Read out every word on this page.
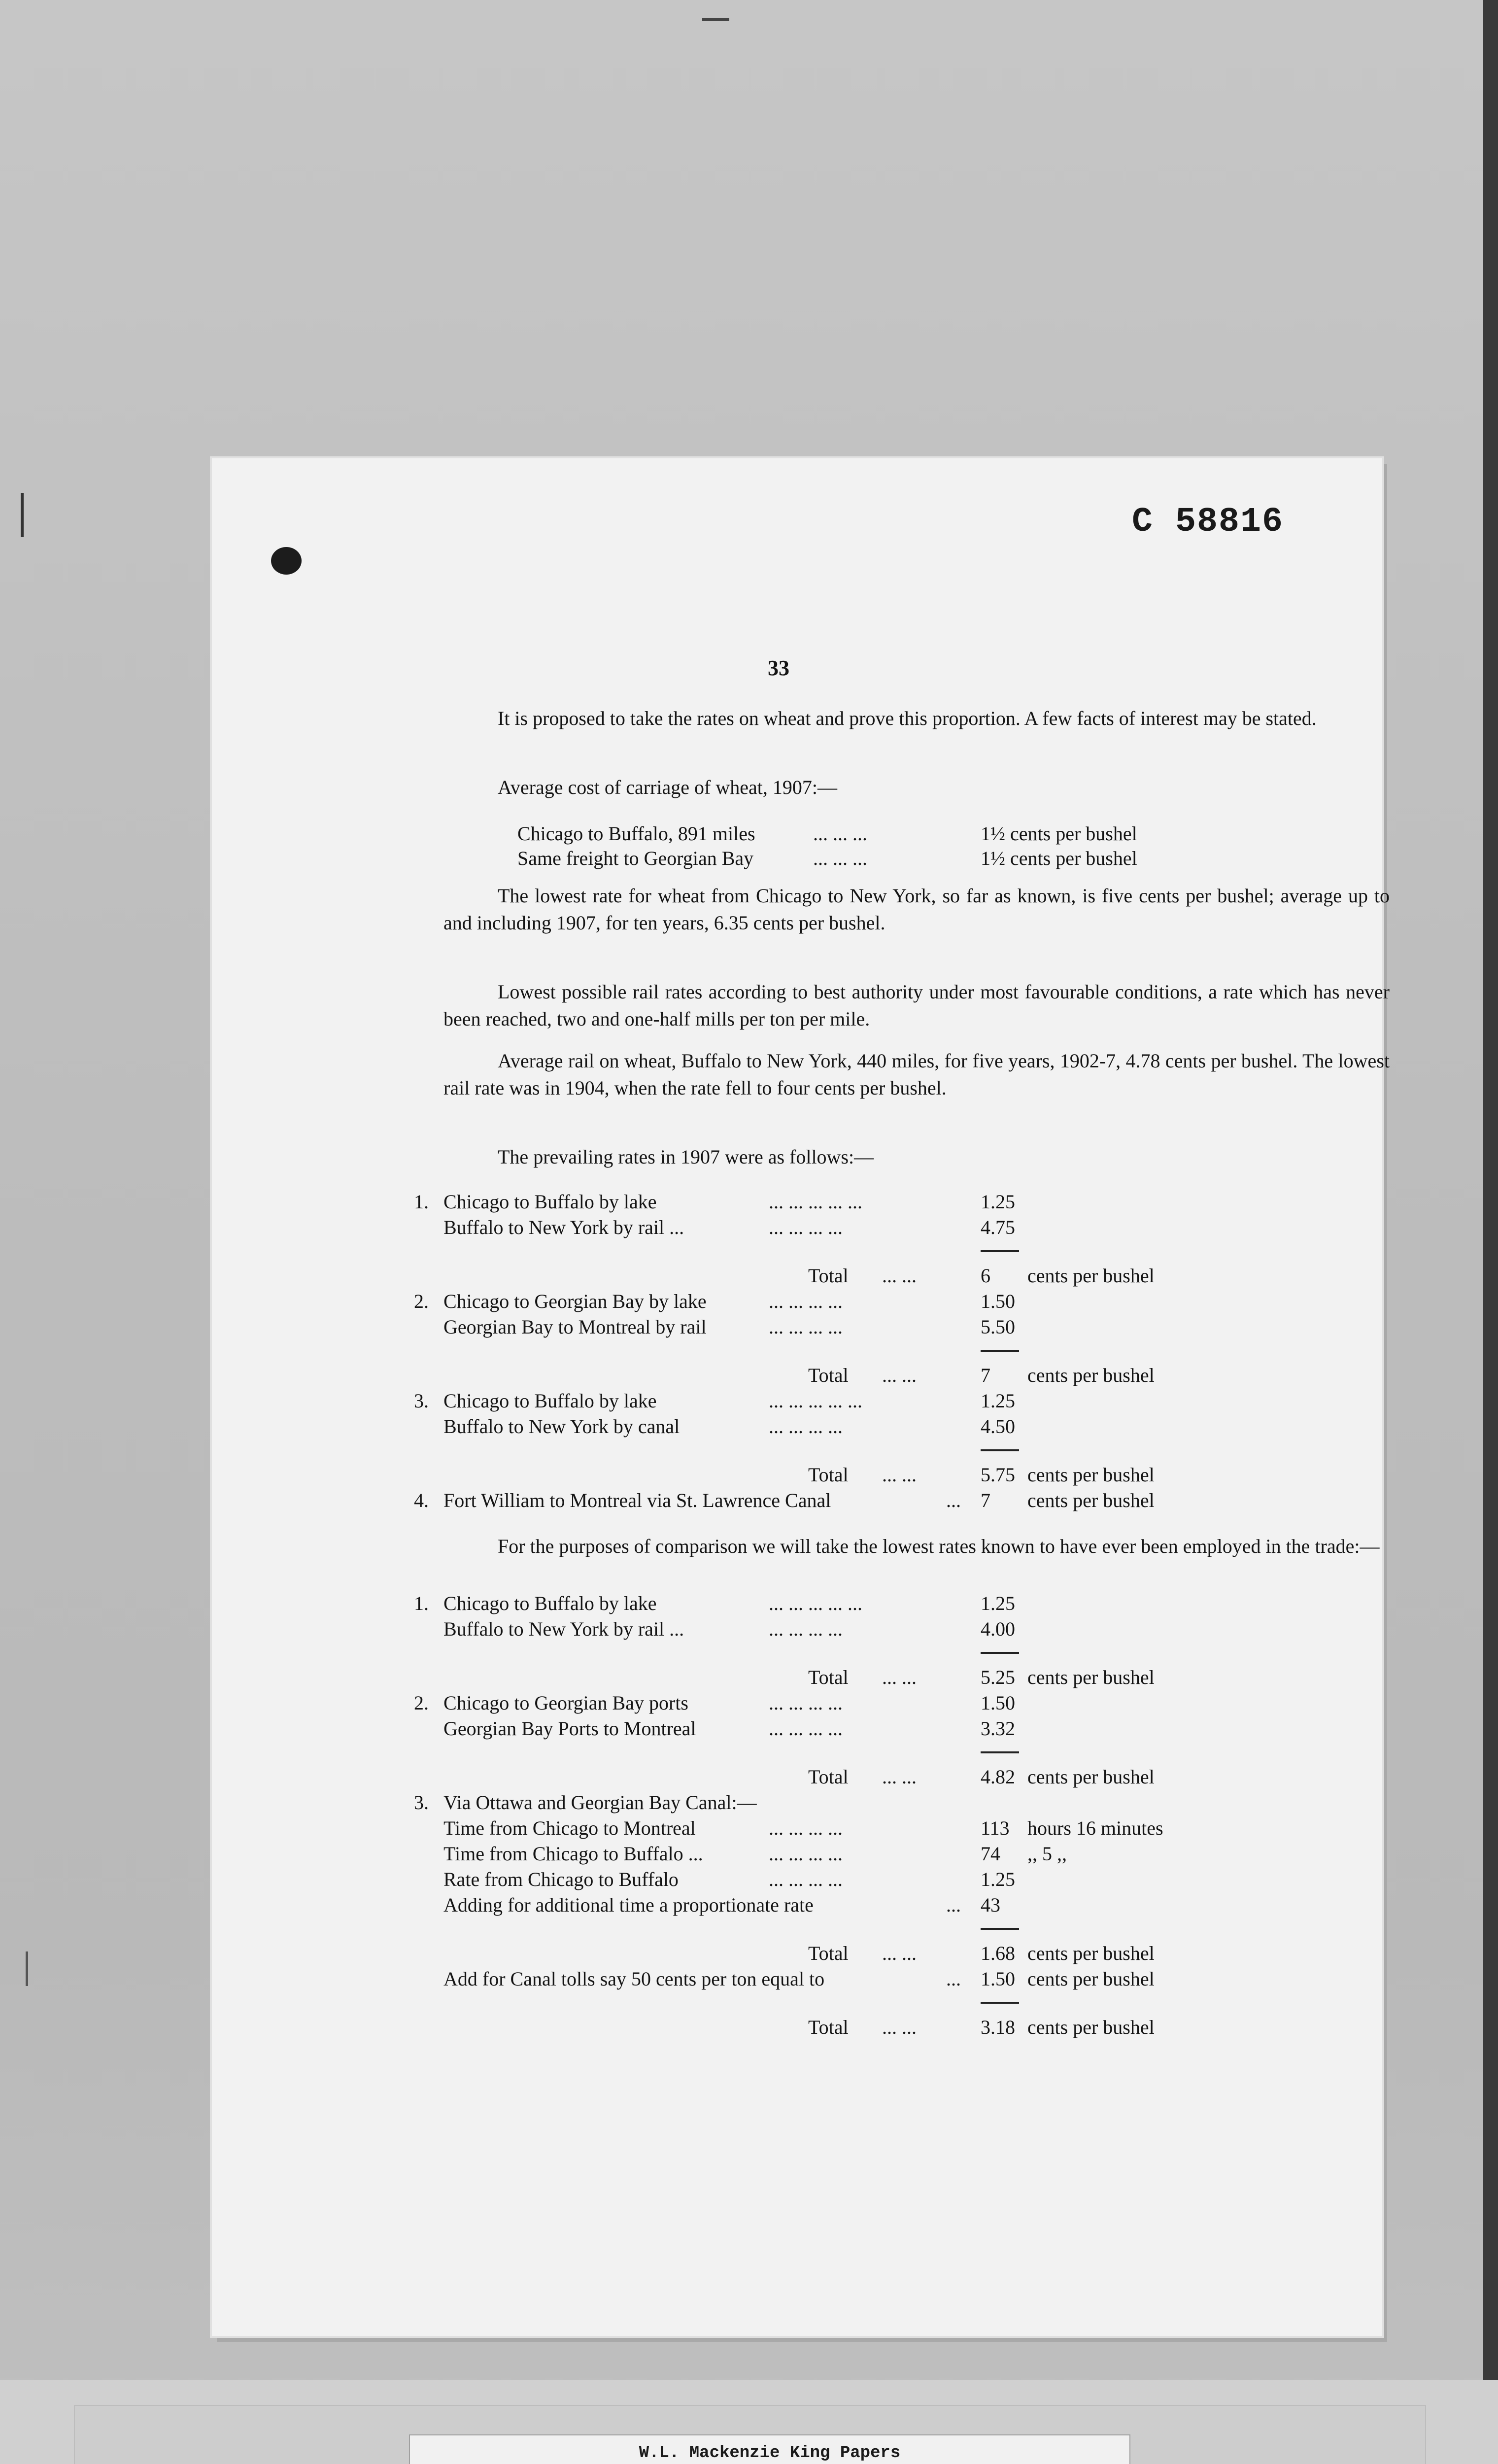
C 58816
33
It is proposed to take the rates on wheat and prove this proportion. A few facts of interest may be stated.
Average cost of carriage of wheat, 1907:—
Chicago to Buffalo, 891 miles	... ... ...	1½ cents per bushel
Same freight to Georgian Bay	... ... ...	1½ cents per bushel
The lowest rate for wheat from Chicago to New York, so far as known, is five cents per bushel; average up to and including 1907, for ten years, 6.35 cents per bushel.
Lowest possible rail rates according to best authority under most favourable conditions, a rate which has never been reached, two and one-half mills per ton per mile.
Average rail on wheat, Buffalo to New York, 440 miles, for five years, 1902-7, 4.78 cents per bushel. The lowest rail rate was in 1904, when the rate fell to four cents per bushel.
The prevailing rates in 1907 were as follows:—
1. Chicago to Buffalo by lake	... ... ... ... ...	1.25
Buffalo to New York by rail ...	... ... ... ...	4.75
Total ... ...	6 cents per bushel
2. Chicago to Georgian Bay by lake	... ... ... ...	1.50
Georgian Bay to Montreal by rail	... ... ... ...	5.50
Total ... ...	7 cents per bushel
3. Chicago to Buffalo by lake	... ... ... ... ...	1.25
Buffalo to New York by canal	... ... ... ...	4.50
Total ... ...	5.75 cents per bushel
4. Fort William to Montreal via St. Lawrence Canal	... 7 cents per bushel
For the purposes of comparison we will take the lowest rates known to have ever been employed in the trade:—
1. Chicago to Buffalo by lake	... ... ... ... ...	1.25
Buffalo to New York by rail ...	... ... ... ...	4.00
Total ... ...	5.25 cents per bushel
2. Chicago to Georgian Bay ports	... ... ... ...	1.50
Georgian Bay Ports to Montreal	... ... ... ...	3.32
Total ... ...	4.82 cents per bushel
3. Via Ottawa and Georgian Bay Canal:—
Time from Chicago to Montreal	... ... ... ...	113 hours 16 minutes
Time from Chicago to Buffalo ...	... ... ... ...	74 ,, 5 ,,
Rate from Chicago to Buffalo	... ... ... ...	1.25
Adding for additional time a proportionate rate	... 43
Total ... ...	1.68 cents per bushel
Add for Canal tolls say 50 cents per ton equal to	... 1.50 cents per bushel
Total ... ...	3.18 cents per bushel
W.L. Mackenzie King Papers
